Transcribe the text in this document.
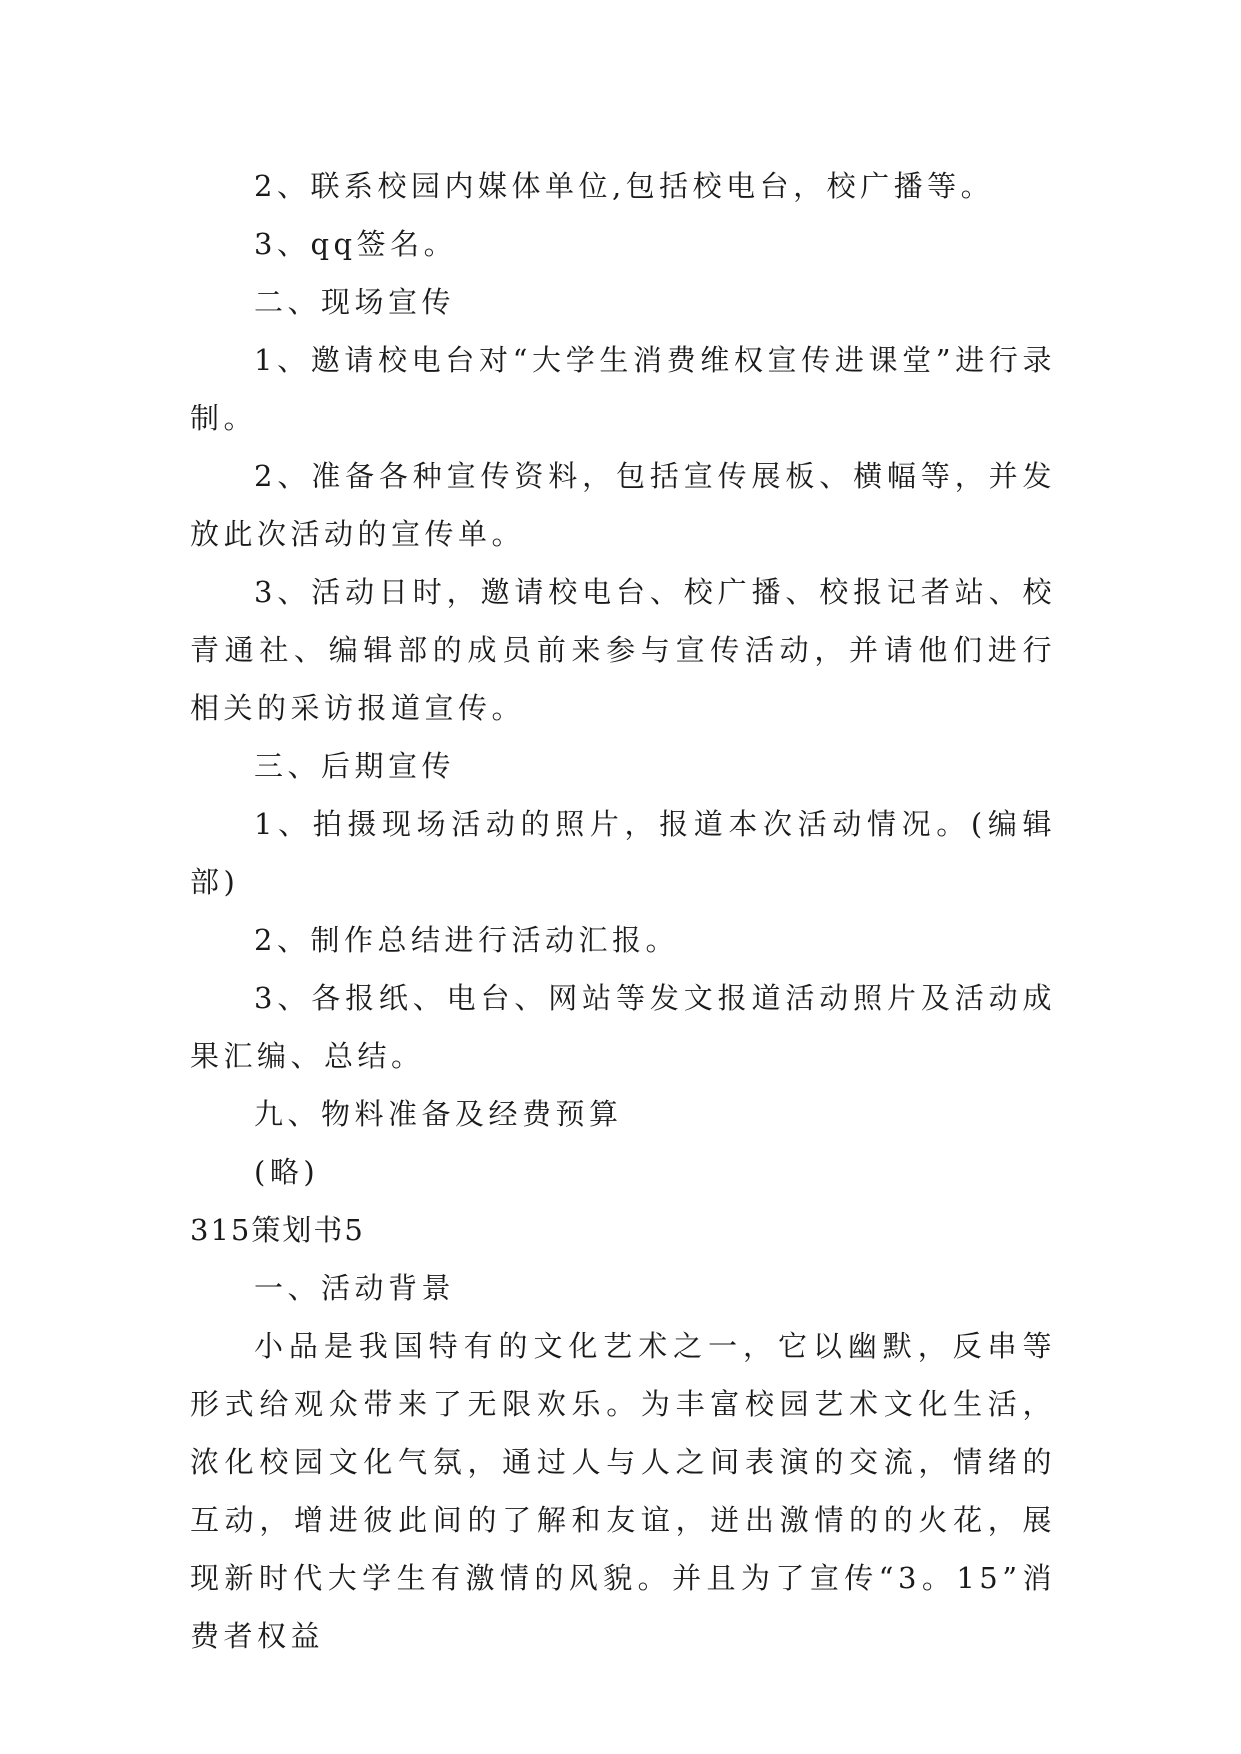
2、联系校园内媒体单位,包括校电台，校广播等。

3、qq签名。

二、现场宣传

1、邀请校电台对“大学生消费维权宣传进课堂”进行录制。

2、准备各种宣传资料，包括宣传展板、横幅等，并发放此次活动的宣传单。

3、活动日时，邀请校电台、校广播、校报记者站、校青通社、编辑部的成员前来参与宣传活动，并请他们进行相关的采访报道宣传。

三、后期宣传

1、拍摄现场活动的照片，报道本次活动情况。(编辑部)

2、制作总结进行活动汇报。

3、各报纸、电台、网站等发文报道活动照片及活动成果汇编、总结。

九、物料准备及经费预算

(略)

315策划书5

一、活动背景

小品是我国特有的文化艺术之一，它以幽默，反串等形式给观众带来了无限欢乐。为丰富校园艺术文化生活，浓化校园文化气氛，通过人与人之间表演的交流，情绪的互动，增进彼此间的了解和友谊，迸出激情的的火花，展现新时代大学生有激情的风貌。并且为了宣传“3。15”消费者权益
